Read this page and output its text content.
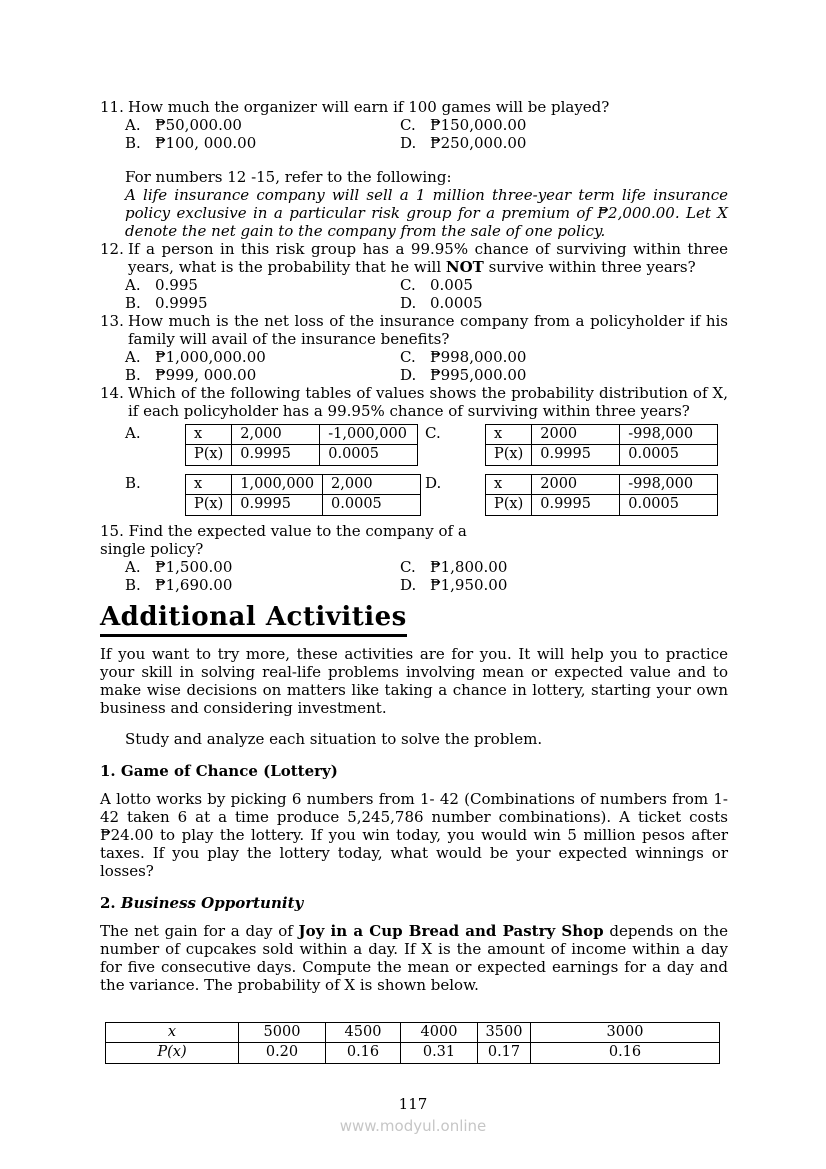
11. How much the organizer will earn if 100 games will be played?
A. ₱50,000.00	C. ₱150,000.00
B. ₱100, 000.00	D. ₱250,000.00
For numbers 12 -15, refer to the following:
A life insurance company will sell a 1 million three-year term life insurance policy exclusive in a particular risk group for a premium of ₱2,000.00. Let X denote the net gain to the company from the sale of one policy.
12. If a person in this risk group has a 99.95% chance of surviving within three years, what is the probability that he will NOT survive within three years?
A. 0.995	C. 0.005
B. 0.9995	D. 0.0005
13. How much is the net loss of the insurance company from a policyholder if his family will avail of the insurance benefits?
A. ₱1,000,000.00	C. ₱998,000.00
B. ₱999, 000.00	D. ₱995,000.00
14. Which of the following tables of values shows the probability distribution of X, if each policyholder has a 99.95% chance of surviving within three years?
A.	x	2,000	-1,000,000
P(x)	0.9995	0.0005
C.	x	2000	-998,000
P(x)	0.9995	0.0005
B.	x	1,000,000	2,000
P(x)	0.9995	0.0005
D.	x	2000	-998,000
P(x)	0.9995	0.0005

15. Find the expected value to the company of a single policy?

A. ₱1,500.00	C. ₱1,800.00
B. ₱1,690.00	D. ₱1,950.00
Additional Activities

If you want to try more, these activities are for you. It will help you to practice your skill in solving real-life problems involving mean or expected value and to make wise decisions on matters like taking a chance in lottery, starting your own business and considering investment.

Study and analyze each situation to solve the problem.

1. Game of Chance (Lottery)

A lotto works by picking 6 numbers from 1- 42 (Combinations of numbers from 1-42 taken 6 at a time produce 5,245,786 number combinations). A ticket costs ₱24.00 to play the lottery. If you win today, you would win 5 million pesos after taxes. If you play the lottery today, what would be your expected winnings or losses?

2. Business Opportunity

The net gain for a day of Joy in a Cup Bread and Pastry Shop depends on the number of cupcakes sold within a day. If X is the amount of income within a day for five consecutive days. Compute the mean or expected earnings for a day and the variance. The probability of X is shown below.

x	5000	4500	4000	3500	3000
P(x)	0.20	0.16	0.31	0.17	0.16
117
www.modyul.online
